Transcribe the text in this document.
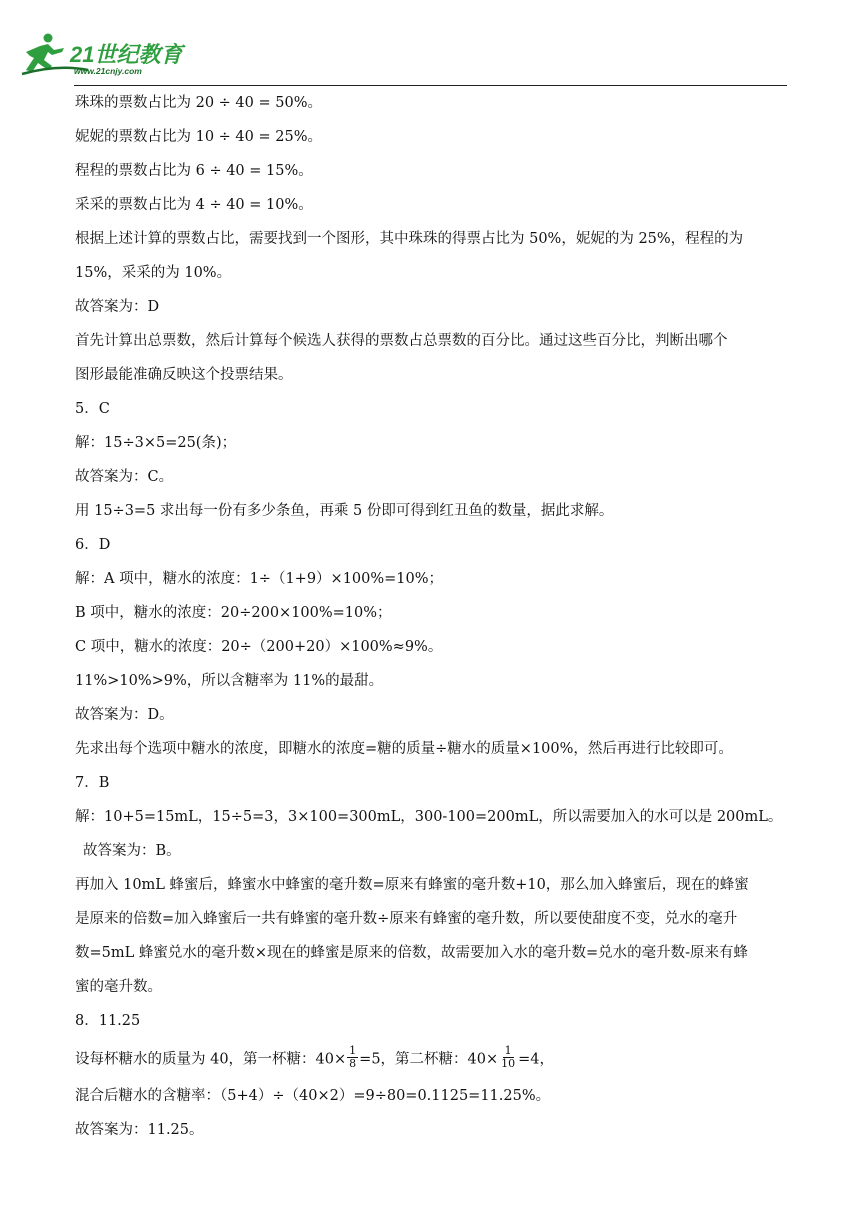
21世纪教育
www.21cnjy.com
珠珠的票数占比为 20 ÷ 40 = 50%。
妮妮的票数占比为 10 ÷ 40 = 25%。
程程的票数占比为 6 ÷ 40 = 15%。
采采的票数占比为 4 ÷ 40 = 10%。
根据上述计算的票数占比，需要找到一个图形，其中珠珠的得票占比为 50%，妮妮的为 25%，程程的为
15%，采采的为 10%。
故答案为：D
首先计算出总票数，然后计算每个候选人获得的票数占总票数的百分比。通过这些百分比，判断出哪个
图形最能准确反映这个投票结果。
5．C
解：15÷3×5=25(条)；
故答案为：C。
用 15÷3=5 求出每一份有多少条鱼，再乘 5 份即可得到红丑鱼的数量，据此求解。
6．D
解：A 项中，糖水的浓度：1÷（1+9）×100%=10%；
B 项中，糖水的浓度：20÷200×100%=10%；
C 项中，糖水的浓度：20÷（200+20）×100%≈9%。
11%>10%>9%，所以含糖率为 11%的最甜。
故答案为：D。
先求出每个选项中糖水的浓度，即糖水的浓度=糖的质量÷糖水的质量×100%，然后再进行比较即可。
7．B
解：10+5=15mL，15÷5=3，3×100=300mL，300-100=200mL，所以需要加入的水可以是 200mL。
故答案为：B。
再加入 10mL 蜂蜜后，蜂蜜水中蜂蜜的毫升数=原来有蜂蜜的毫升数+10，那么加入蜂蜜后，现在的蜂蜜
是原来的倍数=加入蜂蜜后一共有蜂蜜的毫升数÷原来有蜂蜜的毫升数，所以要使甜度不变，兑水的毫升
数=5mL 蜂蜜兑水的毫升数×现在的蜂蜜是原来的倍数，故需要加入水的毫升数=兑水的毫升数-原来有蜂
蜜的毫升数。
8．11.25
设每杯糖水的质量为 40，第一杯糖：$40\times \frac{1}{8} =5$，第二杯糖：$40\times \frac{1}{10} =4$，
混合后糖水的含糖率：（5+4）÷（40×2）=9÷80=0.1125=11.25%。
故答案为：11.25。
